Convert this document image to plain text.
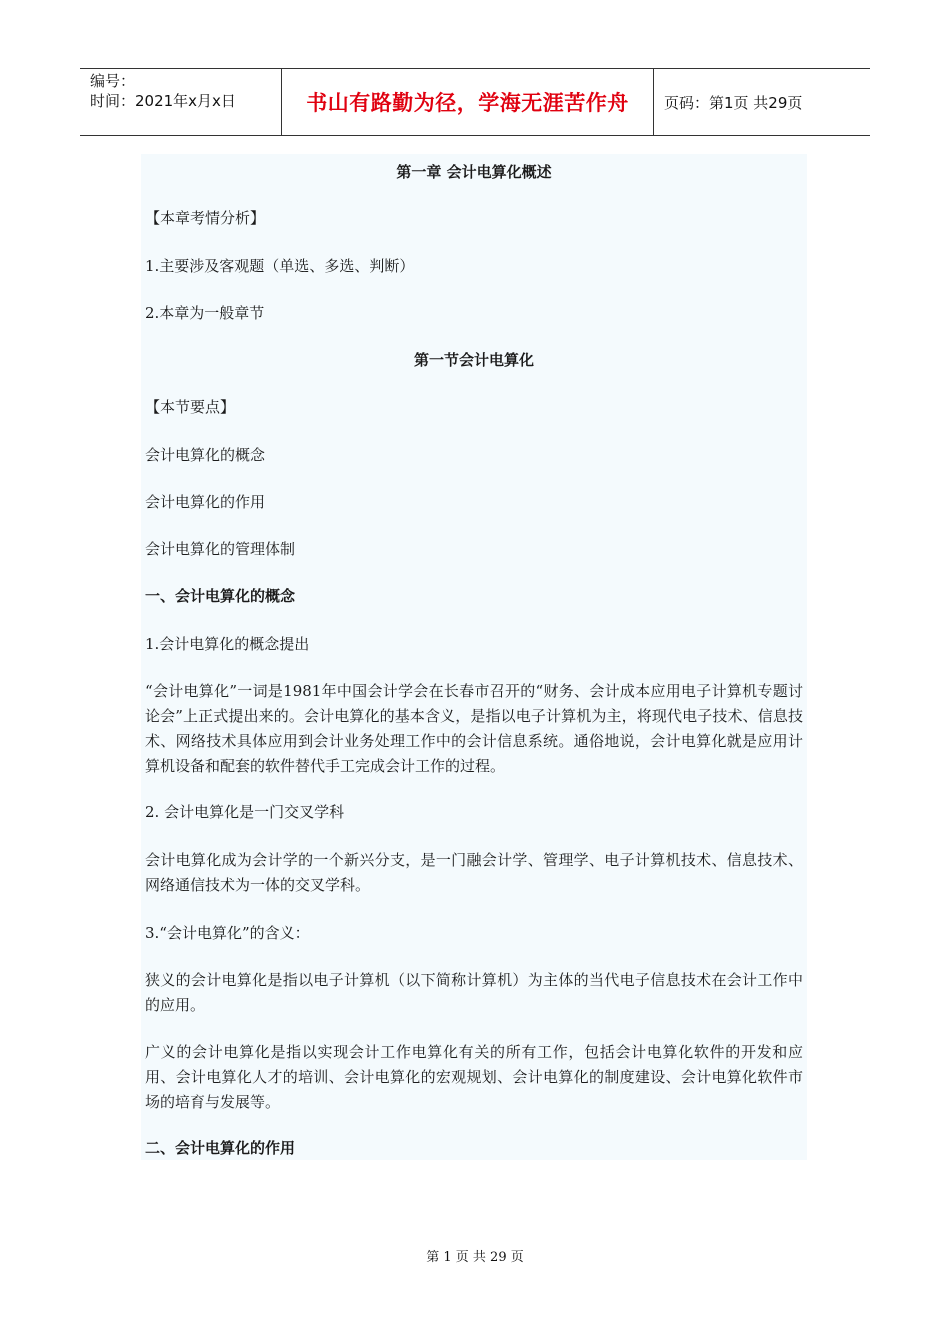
编号：
时间：2021年x月x日	书山有路勤为径，学海无涯苦作舟	页码：第1页 共29页
第一章 会计电算化概述
【本章考情分析】
1.主要涉及客观题（单选、多选、判断）
2.本章为一般章节
第一节会计电算化
【本节要点】
会计电算化的概念
会计电算化的作用
会计电算化的管理体制
一、会计电算化的概念
1.会计电算化的概念提出
“会计电算化”一词是1981年中国会计学会在长春市召开的“财务、会计成本应用电子计算机专题讨论会”上正式提出来的。会计电算化的基本含义，是指以电子计算机为主，将现代电子技术、信息技术、网络技术具体应用到会计业务处理工作中的会计信息系统。通俗地说，会计电算化就是应用计算机设备和配套的软件替代手工完成会计工作的过程。
2. 会计电算化是一门交叉学科
会计电算化成为会计学的一个新兴分支，是一门融会计学、管理学、电子计算机技术、信息技术、网络通信技术为一体的交叉学科。
3.“会计电算化”的含义：
狭义的会计电算化是指以电子计算机（以下简称计算机）为主体的当代电子信息技术在会计工作中的应用。
广义的会计电算化是指以实现会计工作电算化有关的所有工作，包括会计电算化软件的开发和应用、会计电算化人才的培训、会计电算化的宏观规划、会计电算化的制度建设、会计电算化软件市场的培育与发展等。
二、会计电算化的作用
第 1 页 共 29 页
